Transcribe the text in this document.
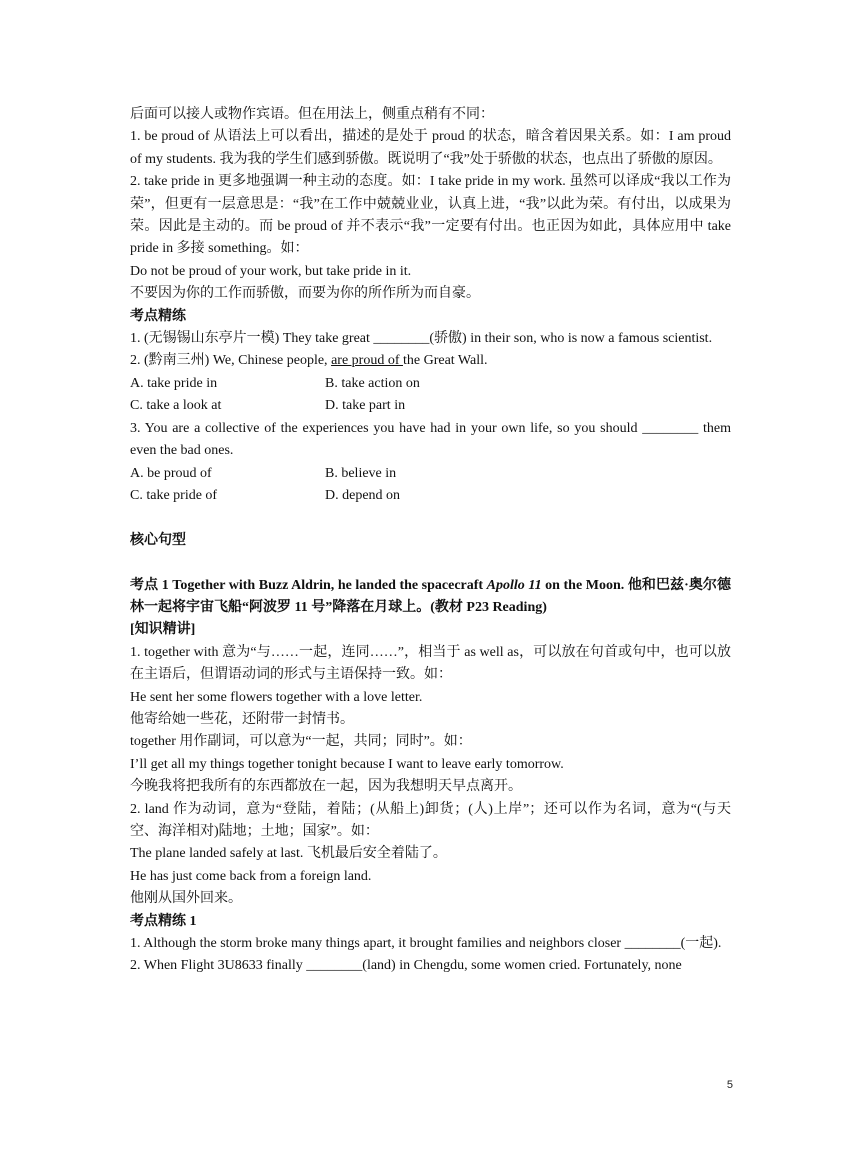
后面可以接人或物作宾语。但在用法上，侧重点稍有不同：

1. be proud of 从语法上可以看出，描述的是处于 proud 的状态，暗含着因果关系。如：I am proud of my students. 我为我的学生们感到骄傲。既说明了“我”处于骄傲的状态，也点出了骄傲的原因。

2. take pride in 更多地强调一种主动的态度。如：I take pride in my work. 虽然可以译成“我以工作为荣”，但更有一层意思是：“我”在工作中兢兢业业，认真上进，“我”以此为荣。有付出，以成果为荣。因此是主动的。而 be proud of 并不表示“我”一定要有付出。也正因为如此，具体应用中 take pride in 多接 something。如：

Do not be proud of your work, but take pride in it.

不要因为你的工作而骄傲，而要为你的所作所为而自豪。

考点精练

1. (无锡锡山东亭片一模) They take great ________(骄傲) in their son, who is now a famous scientist.

2. (黔南三州) We, Chinese people, are proud of the Great Wall.

A. take pride in	B. take action on
C. take a look at	D. take part in

3. You are a collective of the experiences you have had in your own life, so you should ________ them even the bad ones.

A. be proud of	B. believe in
C. take pride of	D. depend on

核心句型

考点 1 Together with Buzz Aldrin, he landed the spacecraft Apollo 11 on the Moon. 他和巴兹·奥尔德林一起将宇宙飞船“阿波罗 11 号”降落在月球上。(教材 P23 Reading)

[知识精讲]

1. together with 意为“与……一起，连同……”，相当于 as well as，可以放在句首或句中，也可以放在主语后，但谓语动词的形式与主语保持一致。如：

He sent her some flowers together with a love letter.

他寄给她一些花，还附带一封情书。

together 用作副词，可以意为“一起，共同；同时”。如：

I’ll get all my things together tonight because I want to leave early tomorrow.

今晚我将把我所有的东西都放在一起，因为我想明天早点离开。

2. land 作为动词，意为“登陆，着陆；(从船上)卸货；(人)上岸”；还可以作为名词，意为“(与天空、海洋相对)陆地；土地；国家”。如：

The plane landed safely at last. 飞机最后安全着陆了。

He has just come back from a foreign land.

他刚从国外回来。

考点精练 1

1. Although the storm broke many things apart, it brought families and neighbors closer ________(一起).

2. When Flight 3U8633 finally ________(land) in Chengdu, some women cried. Fortunately, none

5
